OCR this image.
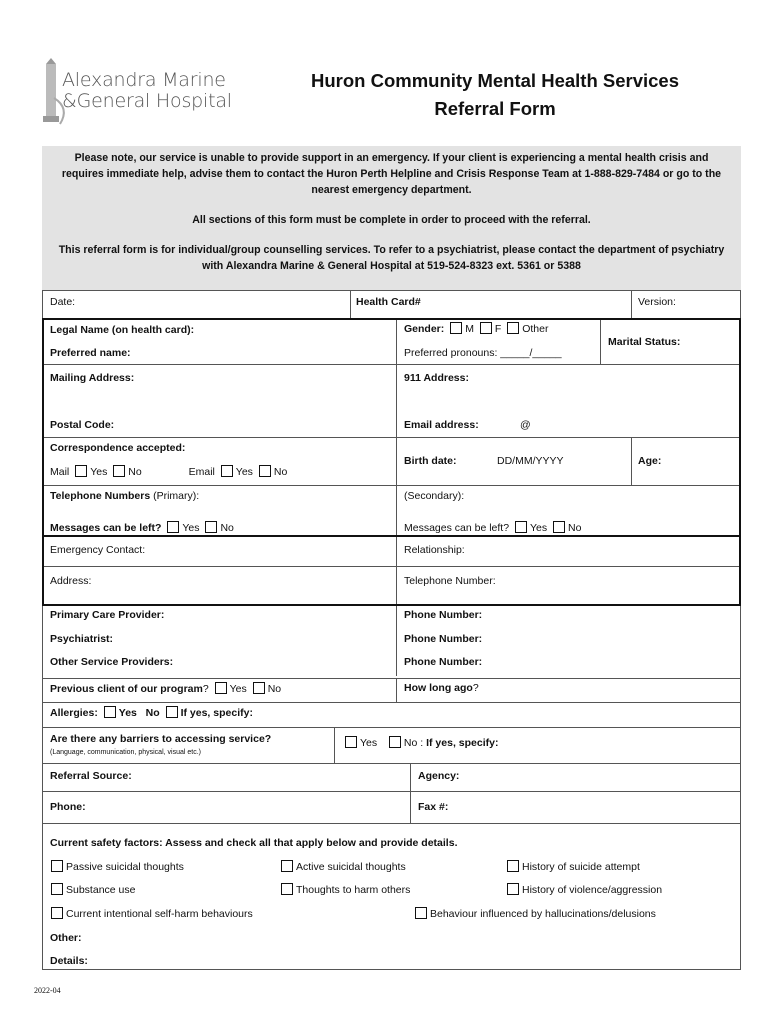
Alexandra Marine
&General Hospital
Huron Community Mental Health Services
Referral Form

Please note, our service is unable to provide support in an emergency. If your client is experiencing a mental health crisis and requires immediate help, advise them to contact the Huron Perth Helpline and Crisis Response Team at 1-888-829-7484 or go to the nearest emergency department.

All sections of this form must be complete in order to proceed with the referral.

This referral form is for individual/group counselling services. To refer to a psychiatrist, please contact the department of psychiatry with Alexandra Marine & General Hospital at 519-524-8323 ext. 5361 or 5388

Date:	Health Card#	Version:
Legal Name (on health card):	Gender: M F Other
Marital Status:
Preferred name:	Preferred pronouns: _____/_____
Mailing Address:	911 Address:
Postal Code:	Email address:	@
Correspondence accepted:
Mail Yes No	Email Yes No
Birth date:	DD/MM/YYYY	Age:
Telephone Numbers (Primary):	(Secondary):
Messages can be left? Yes No	Messages can be left? Yes No
Emergency Contact:	Relationship:
Address:	Telephone Number:
Primary Care Provider:	Phone Number:
Psychiatrist:	Phone Number:
Other Service Providers:	Phone Number:
Previous client of our program? Yes No	How long ago?
Allergies: Yes No If yes, specify:
Are there any barriers to accessing service?
(Language, communication, physical, visual etc.)
Yes	No : If yes, specify:
Referral Source:	Agency:
Phone:	Fax #:
Current safety factors: Assess and check all that apply below and provide details.
Passive suicidal thoughts	Active suicidal thoughts	History of suicide attempt
Substance use	Thoughts to harm others	History of violence/aggression
Current intentional self-harm behaviours	Behaviour influenced by hallucinations/delusions
Other:
Details:
2022-04
